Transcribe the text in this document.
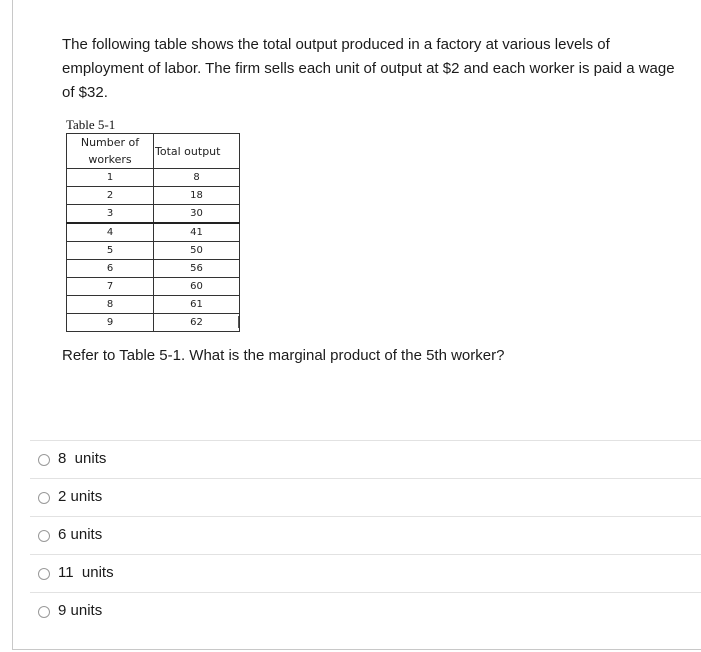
The following table shows the total output produced in a factory at various levels of employment of labor. The firm sells each unit of output at $2 and each worker is paid a wage of $32.
Table 5-1
Number of workers	Total output
1	8
2	18
3	30
4	41
5	50
6	56
7	60
8	61
9	62
Refer to Table 5-1. What is the marginal product of the 5th worker?
8  units
2 units
6 units
11  units
9 units
